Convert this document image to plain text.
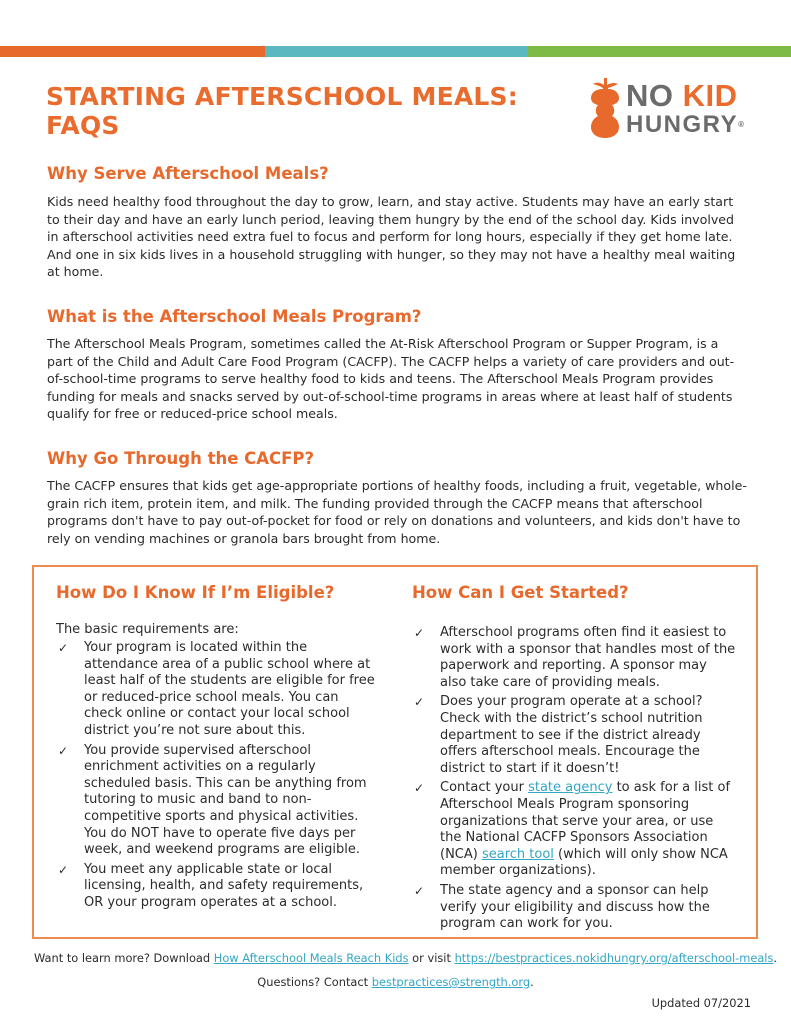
STARTING AFTERSCHOOL MEALS:
FAQS
NO KID
HUNGRY®
Why Serve Afterschool Meals?

Kids need healthy food throughout the day to grow, learn, and stay active. Students may have an early start to their day and have an early lunch period, leaving them hungry by the end of the school day. Kids involved in afterschool activities need extra fuel to focus and perform for long hours, especially if they get home late. And one in six kids lives in a household struggling with hunger, so they may not have a healthy meal waiting at home.

What is the Afterschool Meals Program?

The Afterschool Meals Program, sometimes called the At-Risk Afterschool Program or Supper Program, is a part of the Child and Adult Care Food Program (CACFP). The CACFP helps a variety of care providers and out-of-school-time programs to serve healthy food to kids and teens. The Afterschool Meals Program provides funding for meals and snacks served by out-of-school-time programs in areas where at least half of students qualify for free or reduced-price school meals.

Why Go Through the CACFP?

The CACFP ensures that kids get age-appropriate portions of healthy foods, including a fruit, vegetable, whole-grain rich item, protein item, and milk. The funding provided through the CACFP means that afterschool programs don't have to pay out-of-pocket for food or rely on donations and volunteers, and kids don't have to rely on vending machines or granola bars brought from home.

How Do I Know If I’m Eligible?

The basic requirements are:

✓ Your program is located within the attendance area of a public school where at least half of the students are eligible for free or reduced-price school meals. You can check online or contact your local school district you’re not sure about this.
✓ You provide supervised afterschool enrichment activities on a regularly scheduled basis. This can be anything from tutoring to music and band to non-competitive sports and physical activities. You do NOT have to operate five days per week, and weekend programs are eligible.
✓ You meet any applicable state or local licensing, health, and safety requirements, OR your program operates at a school.
How Can I Get Started?
✓ Afterschool programs often find it easiest to work with a sponsor that handles most of the paperwork and reporting. A sponsor may also take care of providing meals.
✓ Does your program operate at a school? Check with the district’s school nutrition department to see if the district already offers afterschool meals. Encourage the district to start if it doesn’t!
✓ Contact your state agency to ask for a list of Afterschool Meals Program sponsoring organizations that serve your area, or use the National CACFP Sponsors Association (NCA) search tool (which will only show NCA member organizations).
✓ The state agency and a sponsor can help verify your eligibility and discuss how the program can work for you.
Want to learn more? Download How Afterschool Meals Reach Kids or visit https://bestpractices.nokidhungry.org/afterschool-meals.
Questions? Contact bestpractices@strength.org.
Updated 07/2021
